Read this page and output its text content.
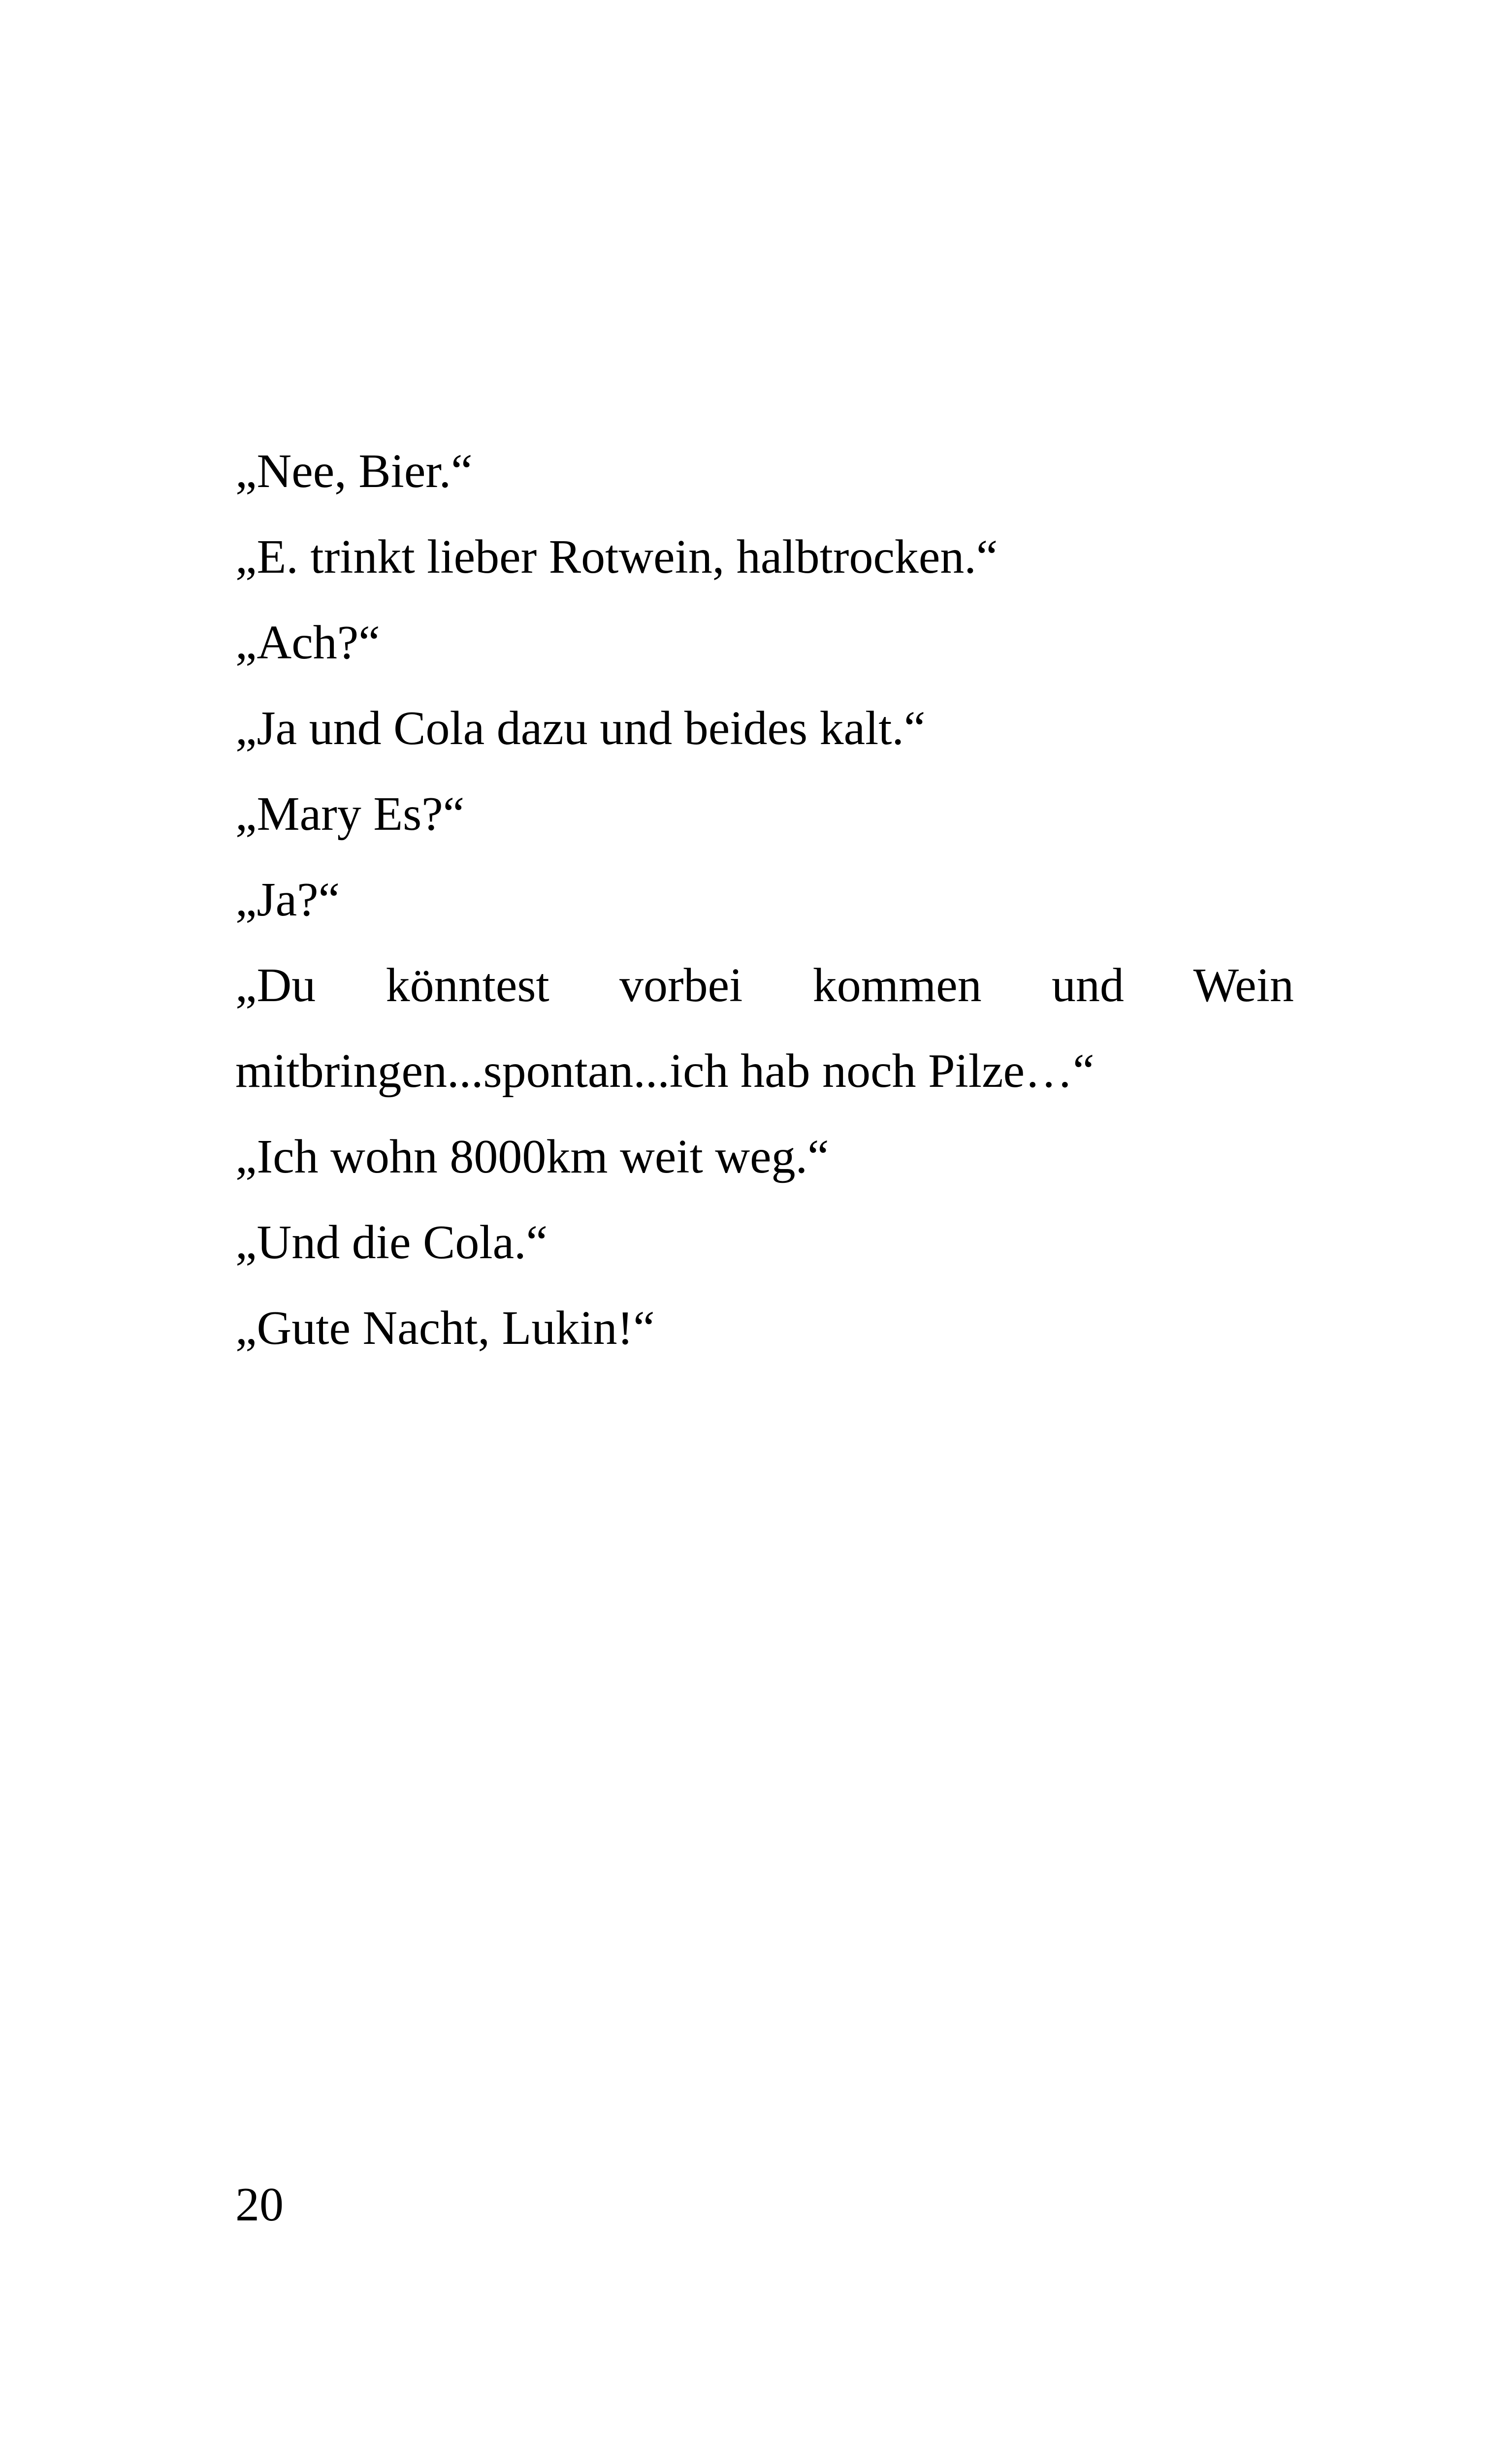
„Nee, Bier.“
„E. trinkt lieber Rotwein, halbtrocken.“
„Ach?“
„Ja und Cola dazu und beides kalt.“
„Mary Es?“
„Ja?“
„Du könntest vorbei kommen und Wein
mitbringen...spontan...ich hab noch Pilze…“
„Ich wohn 8000km weit weg.“
„Und die Cola.“
„Gute Nacht, Lukin!“
20
